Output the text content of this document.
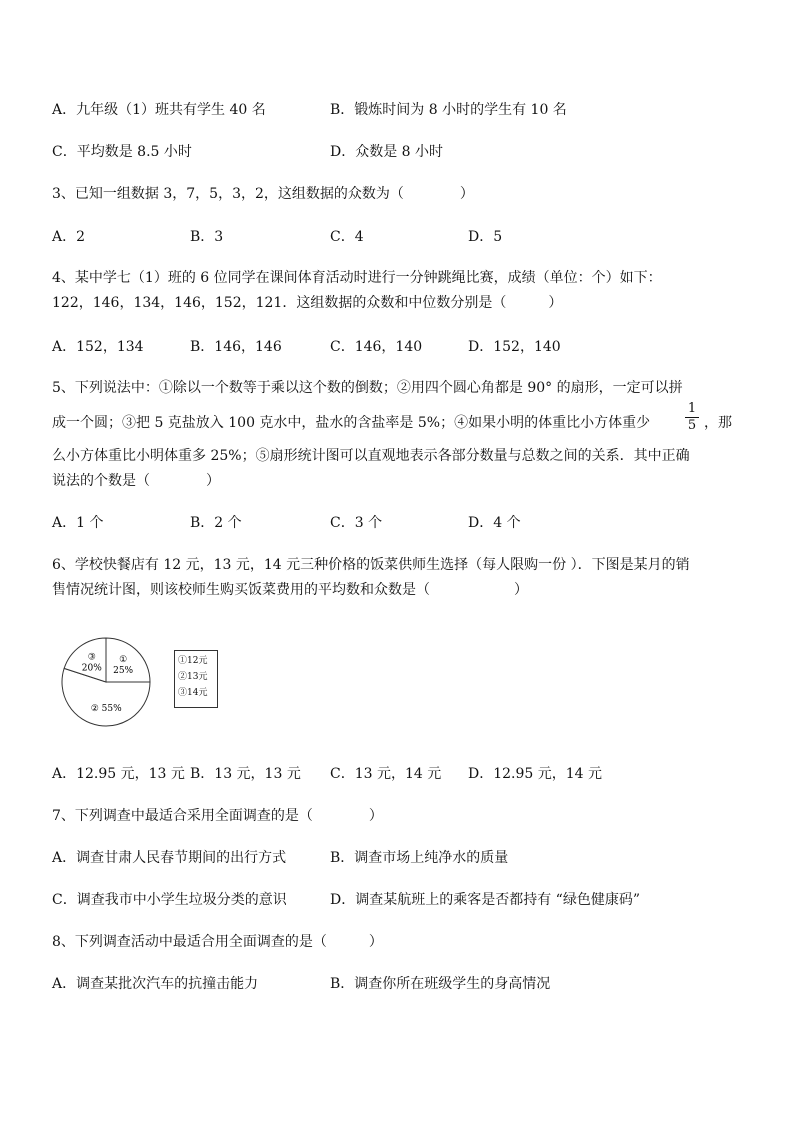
A．九年级（1）班共有学生 40 名	B．锻炼时间为 8 小时的学生有 10 名
C．平均数是 8.5 小时	D．众数是 8 小时
3、已知一组数据 3，7，5，3，2，这组数据的众数为（　　　　）
A．2	B．3	C．4	D．5
4、某中学七（1）班的 6 位同学在课间体育活动时进行一分钟跳绳比赛，成绩（单位：个）如下：
122，146，134，146，152，121．这组数据的众数和中位数分别是（　　　）
A．152，134	B．146，146	C．146，140	D．152，140
5、下列说法中：①除以一个数等于乘以这个数的倒数；②用四个圆心角都是 90° 的扇形，一定可以拼
成一个圆；③把 5 克盐放入 100 克水中，盐水的含盐率是 5%；④如果小明的体重比小方体重少
1
5 ，那
么小方体重比小明体重多 25%；⑤扇形统计图可以直观地表示各部分数量与总数之间的关系．其中正确
说法的个数是（　　　　）
A．1 个	B．2 个	C．3 个	D．4 个
6、学校快餐店有 12 元，13 元，14 元三种价格的饭菜供师生选择（每人限购一份 ）．下图是某月的销
售情况统计图，则该校师生购买饭菜费用的平均数和众数是（　　　　　　）
①
25%
② 55%
③
20%
①12元
②13元
③14元
A．12.95 元，13 元 B．13 元，13 元 C．13 元，14 元 D．12.95 元，14 元
7、下列调查中最适合采用全面调查的是（　　　　）
A．调查甘肃人民春节期间的出行方式	B．调查市场上纯净水的质量
C．调查我市中小学生垃圾分类的意识	D．调查某航班上的乘客是否都持有 “绿色健康码”
8、下列调查活动中最适合用全面调查的是（　　　）
A．调查某批次汽车的抗撞击能力	B．调查你所在班级学生的身高情况
